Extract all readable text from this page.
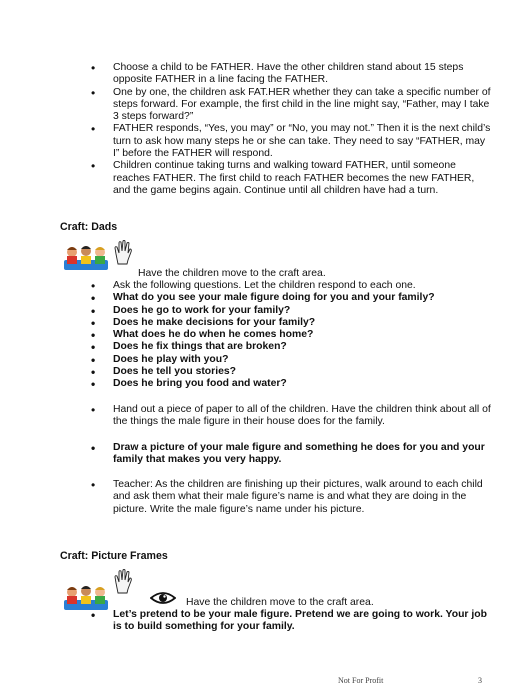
• Choose a child to be FATHER. Have the other children stand about 15 steps opposite FATHER in a line facing the FATHER.
• One by one, the children ask FAT.HER whether they can take a specific number of steps forward. For example, the first child in the line might say, “Father, may I take 3 steps forward?”
• FATHER responds, “Yes, you may” or “No, you may not.” Then it is the next child’s turn to ask how many steps he or she can take. They need to say “FATHER, may I” before the FATHER will respond.
• Children continue taking turns and walking toward FATHER, until someone reaches FATHER. The first child to reach FATHER becomes the new FATHER, and the game begins again. Continue until all children have had a turn.
Craft: Dads
Have the children move to the craft area.
• Ask the following questions. Let the children respond to each one.
• What do you see your male figure doing for you and your family?
• Does he go to work for your family?
• Does he make decisions for your family?
• What does he do when he comes home?
• Does he fix things that are broken?
• Does he play with you?
• Does he tell you stories?
• Does he bring you food and water?
• Hand out a piece of paper to all of the children. Have the children think about all of the things the male figure in their house does for the family.
• Draw a picture of your male figure and something he does for you and your family that makes you very happy.
• Teacher: As the children are finishing up their pictures, walk around to each child and ask them what their male figure’s name is and what they are doing in the picture. Write the male figure’s name under his picture.
Craft: Picture Frames
Have the children move to the craft area.
• Let’s pretend to be your male figure. Pretend we are going to work. Your job is to build something for your family.
Not For Profit	3
